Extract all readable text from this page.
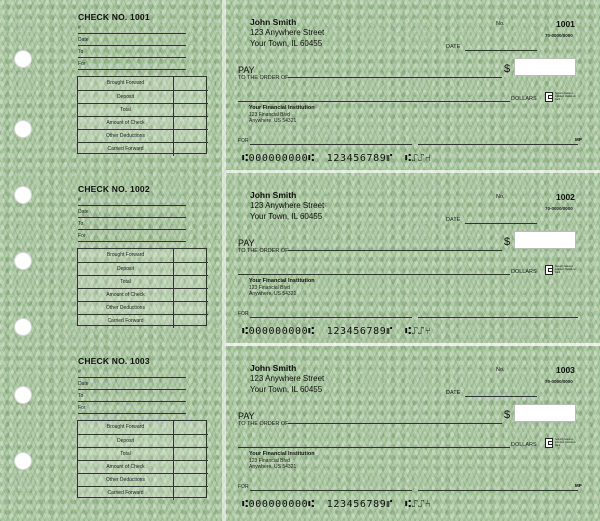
CHECK NO. 1001
#
Date
To
For
Brought Forward
Deposit
Total
Amount of Check
Other Deductions
Carried Forward
CHECK NO. 1002
#
Date
To
For
Brought Forward
Deposit
Total
Amount of Check
Other Deductions
Carried Forward
CHECK NO. 1003
#
Date
To
For
Brought Forward
Deposit
Total
Amount of Check
Other Deductions
Carried Forward
John Smith
123 Anywhere Street
Your Town, IL 60455
No.	1001
70-0000/0000
DATE
PAY
TO THE ORDER OF
$
DOLLARS
Security features included. Details on back.
Your Financial Institution
123 Financial Blvd
Anywhere, US 54321
FOR	MP
⑆000000000⑆ 123456789⑈ ⑆⑀⑀⑁
John Smith
123 Anywhere Street
Your Town, IL 60455
No.	1002
70-0000/0000
DATE
PAY
TO THE ORDER OF
$
DOLLARS
Security features included. Details on back.
Your Financial Institution
123 Financial Blvd
Anywhere, US 54321
FOR
⑆000000000⑆ 123456789⑈ ⑆⑀⑀⑂
John Smith
123 Anywhere Street
Your Town, IL 60455
No.	1003
70-0000/0000
DATE
PAY
TO THE ORDER OF
$
DOLLARS
Security features included. Details on back.
Your Financial Institution
123 Financial Blvd
Anywhere, US 54321
FOR	MP
⑆000000000⑆ 123456789⑈ ⑆⑀⑀⑃
